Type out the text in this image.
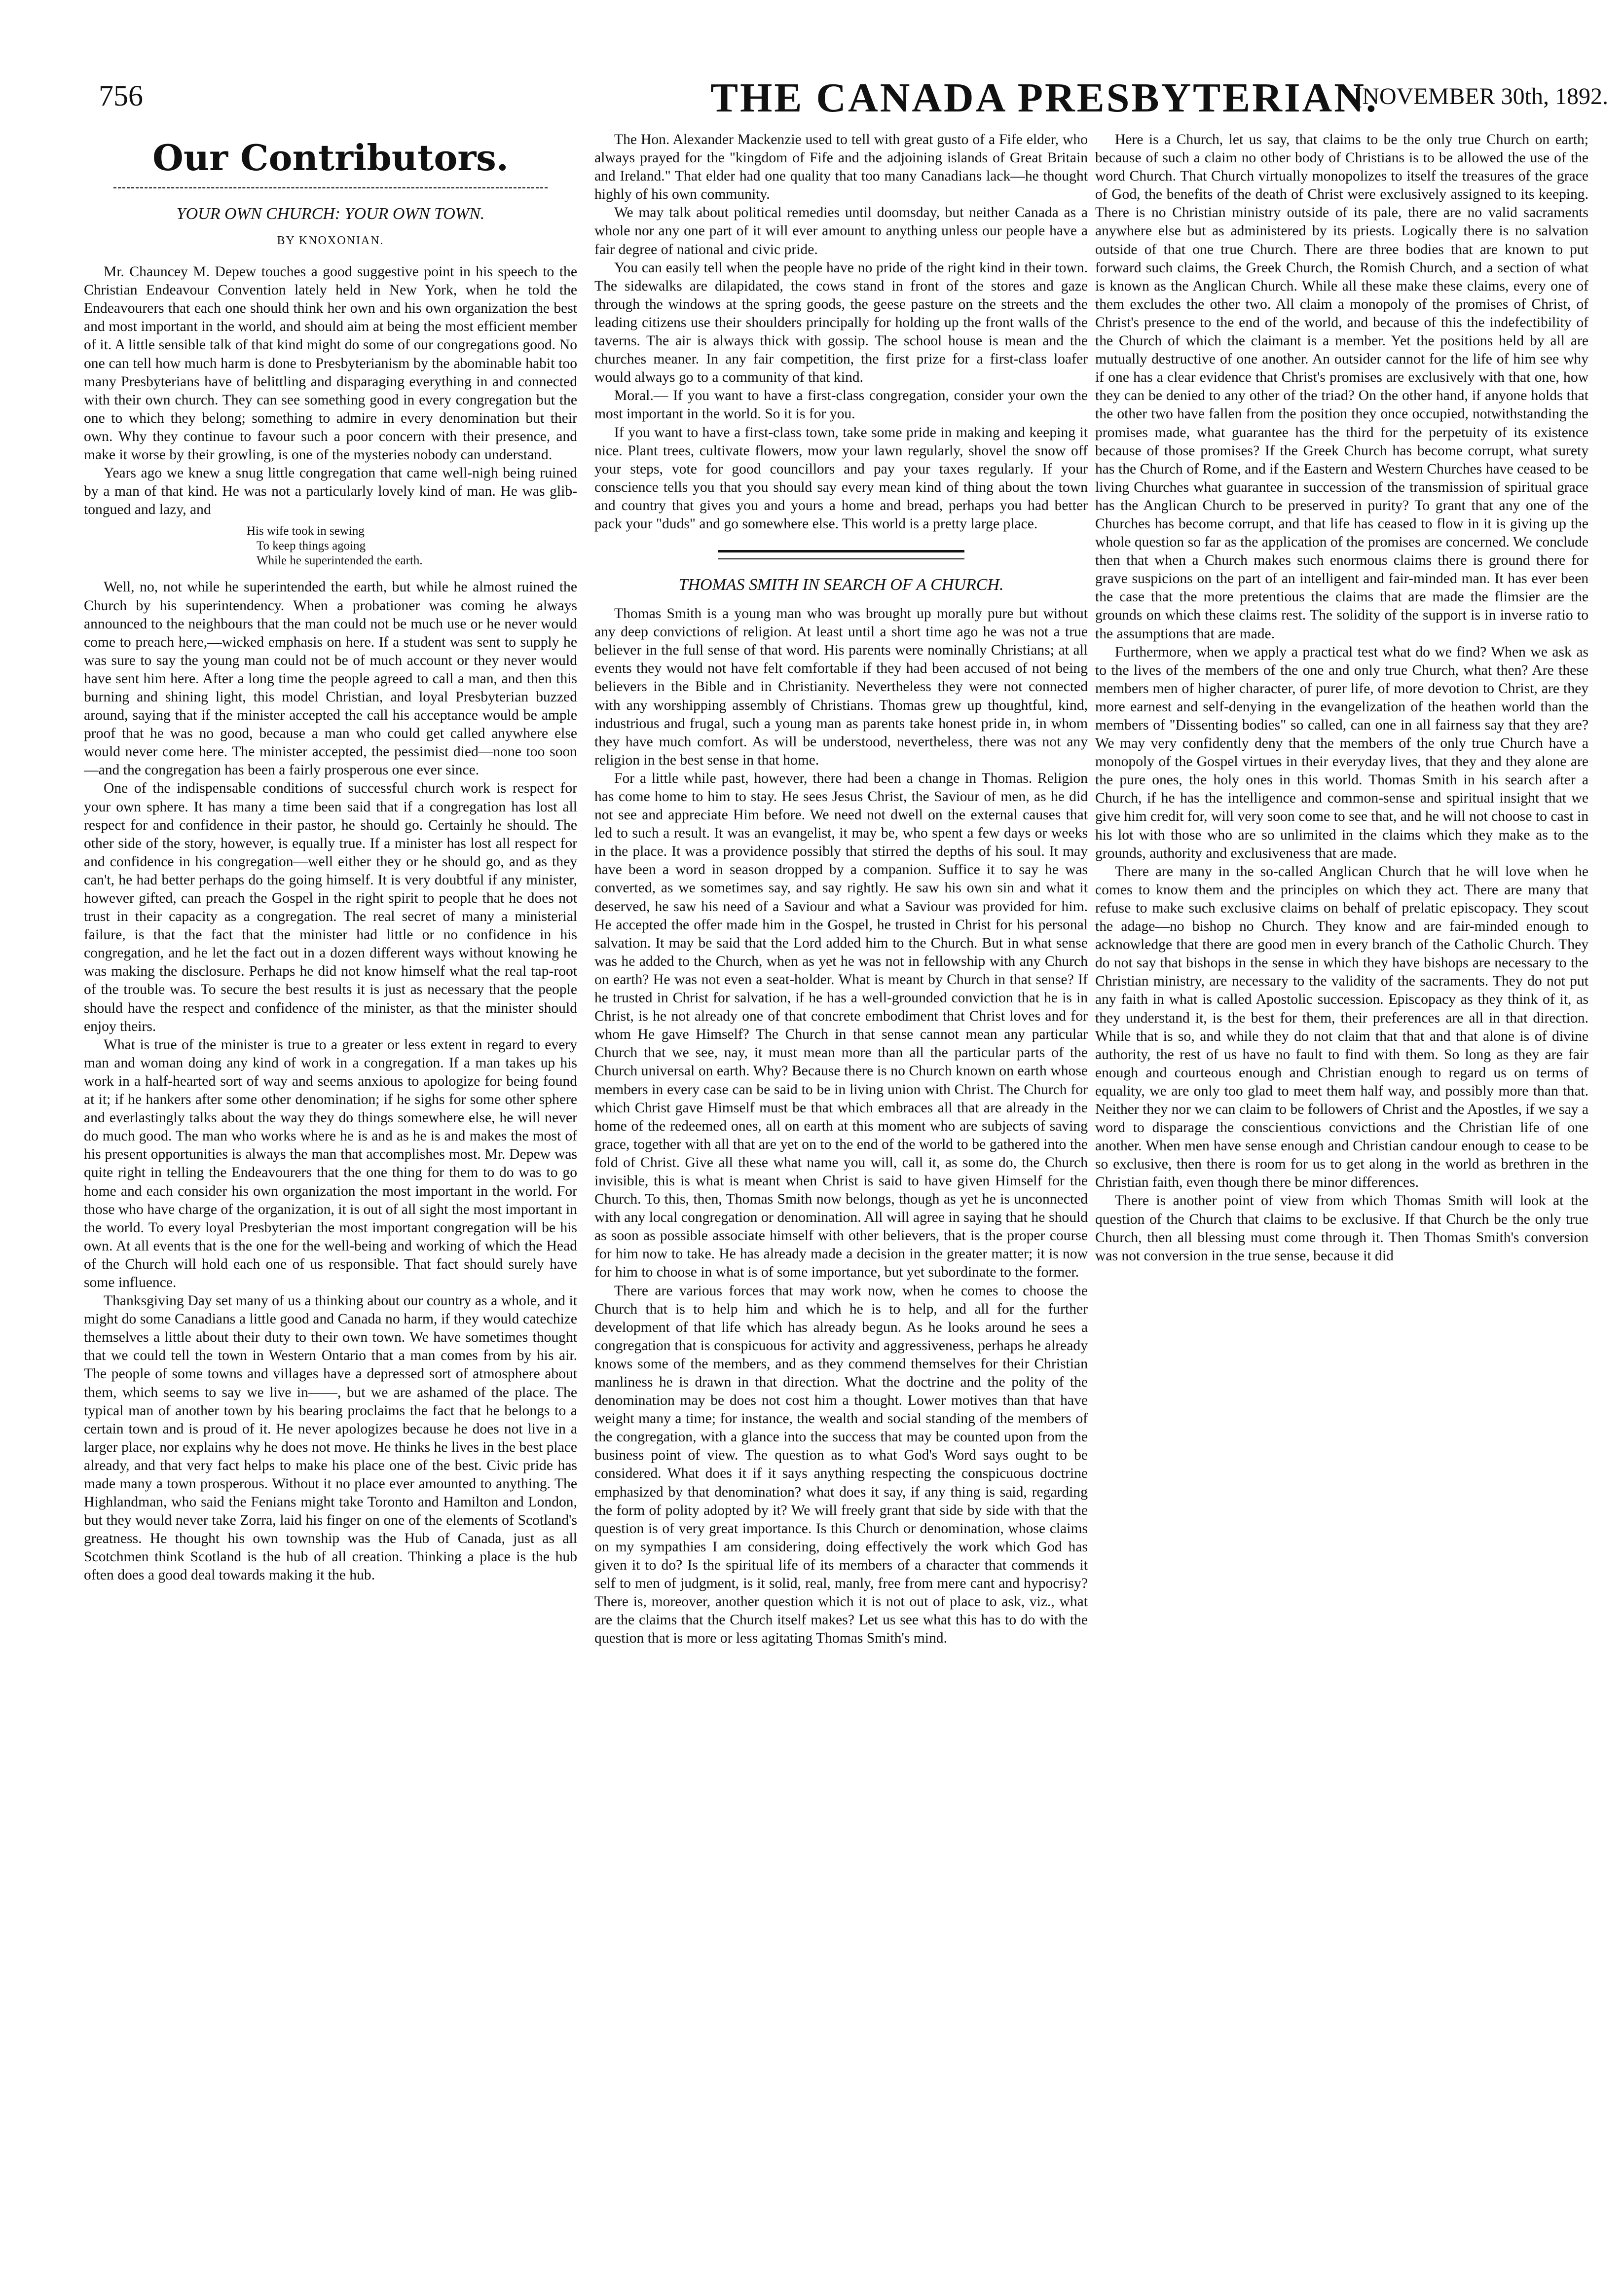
756	THE CANADA PRESBYTERIAN.
[NOVEMBER 30th, 1892.
Our Contributors.
YOUR OWN CHURCH: YOUR OWN TOWN.
BY KNOXONIAN.

Mr. Chauncey M. Depew touches a good suggestive point in his speech to the Christian Endeavour Convention lately held in New York, when he told the Endeavourers that each one should think her own and his own organization the best and most important in the world, and should aim at being the most efficient member of it. A little sensible talk of that kind might do some of our congregations good. No one can tell how much harm is done to Presbyterianism by the abominable habit too many Presbyterians have of belittling and disparaging everything in and connected with their own church. They can see something good in every congregation but the one to which they belong; something to admire in every denomination but their own. Why they continue to favour such a poor concern with their presence, and make it worse by their growling, is one of the mysteries nobody can understand.

Years ago we knew a snug little congregation that came well-nigh being ruined by a man of that kind. He was not a particularly lovely kind of man. He was glib-tongued and lazy, and

His wife took in sewing
To keep things agoing
While he superintended the earth.

Well, no, not while he superintended the earth, but while he almost ruined the Church by his superintendency. When a probationer was coming he always announced to the neighbours that the man could not be much use or he never would come to preach here,—wicked emphasis on here. If a student was sent to supply he was sure to say the young man could not be of much account or they never would have sent him here. After a long time the people agreed to call a man, and then this burning and shining light, this model Christian, and loyal Presbyterian buzzed around, saying that if the minister accepted the call his acceptance would be ample proof that he was no good, because a man who could get called anywhere else would never come here. The minister accepted, the pessimist died—none too soon—and the congregation has been a fairly prosperous one ever since.

One of the indispensable conditions of successful church work is respect for your own sphere. It has many a time been said that if a congregation has lost all respect for and confidence in their pastor, he should go. Certainly he should. The other side of the story, however, is equally true. If a minister has lost all respect for and confidence in his congregation—well either they or he should go, and as they can't, he had better perhaps do the going himself. It is very doubtful if any minister, however gifted, can preach the Gospel in the right spirit to people that he does not trust in their capacity as a congregation. The real secret of many a ministerial failure, is that the fact that the minister had little or no confidence in his congregation, and he let the fact out in a dozen different ways without knowing he was making the disclosure. Perhaps he did not know himself what the real tap-root of the trouble was. To secure the best results it is just as necessary that the people should have the respect and confidence of the minister, as that the minister should enjoy theirs.

What is true of the minister is true to a greater or less extent in regard to every man and woman doing any kind of work in a congregation. If a man takes up his work in a half-hearted sort of way and seems anxious to apologize for being found at it; if he hankers after some other denomination; if he sighs for some other sphere and everlastingly talks about the way they do things somewhere else, he will never do much good. The man who works where he is and as he is and makes the most of his present opportunities is always the man that accomplishes most. Mr. Depew was quite right in telling the Endeavourers that the one thing for them to do was to go home and each consider his own organization the most important in the world. For those who have charge of the organization, it is out of all sight the most important in the world. To every loyal Presbyterian the most important congregation will be his own. At all events that is the one for the well-being and working of which the Head of the Church will hold each one of us responsible. That fact should surely have some influence.

Thanksgiving Day set many of us a thinking about our country as a whole, and it might do some Canadians a little good and Canada no harm, if they would catechize themselves a little about their duty to their own town. We have sometimes thought that we could tell the town in Western Ontario that a man comes from by his air. The people of some towns and villages have a depressed sort of atmosphere about them, which seems to say we live in——, but we are ashamed of the place. The typical man of another town by his bearing proclaims the fact that he belongs to a certain town and is proud of it. He never apologizes because he does not live in a larger place, nor explains why he does not move. He thinks he lives in the best place already, and that very fact helps to make his place one of the best. Civic pride has made many a town prosperous. Without it no place ever amounted to anything. The Highlandman, who said the Fenians might take Toronto and Hamilton and London, but they would never take Zorra, laid his finger on one of the elements of Scotland's greatness. He thought his own township was the Hub of Canada, just as all Scotchmen think Scotland is the hub of all creation. Thinking a place is the hub often does a good deal towards making it the hub.

The Hon. Alexander Mackenzie used to tell with great gusto of a Fife elder, who always prayed for the "kingdom of Fife and the adjoining islands of Great Britain and Ireland." That elder had one quality that too many Canadians lack—he thought highly of his own community.

We may talk about political remedies until doomsday, but neither Canada as a whole nor any one part of it will ever amount to anything unless our people have a fair degree of national and civic pride.

You can easily tell when the people have no pride of the right kind in their town. The sidewalks are dilapidated, the cows stand in front of the stores and gaze through the windows at the spring goods, the geese pasture on the streets and the leading citizens use their shoulders principally for holding up the front walls of the taverns. The air is always thick with gossip. The school house is mean and the churches meaner. In any fair competition, the first prize for a first-class loafer would always go to a community of that kind.

Moral.— If you want to have a first-class congregation, consider your own the most important in the world. So it is for you.

If you want to have a first-class town, take some pride in making and keeping it nice. Plant trees, cultivate flowers, mow your lawn regularly, shovel the snow off your steps, vote for good councillors and pay your taxes regularly. If your conscience tells you that you should say every mean kind of thing about the town and country that gives you and yours a home and bread, perhaps you had better pack your "duds" and go somewhere else. This world is a pretty large place.

THOMAS SMITH IN SEARCH OF A CHURCH.

Thomas Smith is a young man who was brought up morally pure but without any deep convictions of religion. At least until a short time ago he was not a true believer in the full sense of that word. His parents were nominally Christians; at all events they would not have felt comfortable if they had been accused of not being believers in the Bible and in Christianity. Nevertheless they were not connected with any worshipping assembly of Christians. Thomas grew up thoughtful, kind, industrious and frugal, such a young man as parents take honest pride in, in whom they have much comfort. As will be understood, nevertheless, there was not any religion in the best sense in that home.

For a little while past, however, there had been a change in Thomas. Religion has come home to him to stay. He sees Jesus Christ, the Saviour of men, as he did not see and appreciate Him before. We need not dwell on the external causes that led to such a result. It was an evangelist, it may be, who spent a few days or weeks in the place. It was a providence possibly that stirred the depths of his soul. It may have been a word in season dropped by a companion. Suffice it to say he was converted, as we sometimes say, and say rightly. He saw his own sin and what it deserved, he saw his need of a Saviour and what a Saviour was provided for him. He accepted the offer made him in the Gospel, he trusted in Christ for his personal salvation. It may be said that the Lord added him to the Church. But in what sense was he added to the Church, when as yet he was not in fellowship with any Church on earth? He was not even a seat-holder. What is meant by Church in that sense? If he trusted in Christ for salvation, if he has a well-grounded conviction that he is in Christ, is he not already one of that concrete embodiment that Christ loves and for whom He gave Himself? The Church in that sense cannot mean any particular Church that we see, nay, it must mean more than all the particular parts of the Church universal on earth. Why? Because there is no Church known on earth whose members in every case can be said to be in living union with Christ. The Church for which Christ gave Himself must be that which embraces all that are already in the home of the redeemed ones, all on earth at this moment who are subjects of saving grace, together with all that are yet on to the end of the world to be gathered into the fold of Christ. Give all these what name you will, call it, as some do, the Church invisible, this is what is meant when Christ is said to have given Himself for the Church. To this, then, Thomas Smith now belongs, though as yet he is unconnected with any local congregation or denomination. All will agree in saying that he should as soon as possible associate himself with other believers, that is the proper course for him now to take. He has already made a decision in the greater matter; it is now for him to choose in what is of some importance, but yet subordinate to the former.

There are various forces that may work now, when he comes to choose the Church that is to help him and which he is to help, and all for the further development of that life which has already begun. As he looks around he sees a congregation that is conspicuous for activity and aggressiveness, perhaps he already knows some of the members, and as they commend themselves for their Christian manliness he is drawn in that direction. What the doctrine and the polity of the denomination may be does not cost him a thought. Lower motives than that have weight many a time; for instance, the wealth and social standing of the members of the congregation, with a glance into the success that may be counted upon from the business point of view. The question as to what God's Word says ought to be considered. What does it if it says anything respecting the conspicuous doctrine emphasized by that denomination? what does it say, if any thing is said, regarding the form of polity adopted by it? We will freely grant that side by side with that the question is of very great importance. Is this Church or denomination, whose claims on my sympathies I am considering, doing effectively the work which God has given it to do? Is the spiritual life of its members of a character that commends it self to men of judgment, is it solid, real, manly, free from mere cant and hypocrisy? There is, moreover, another question which it is not out of place to ask, viz., what are the claims that the Church itself makes? Let us see what this has to do with the question that is more or less agitating Thomas Smith's mind.

Here is a Church, let us say, that claims to be the only true Church on earth; because of such a claim no other body of Christians is to be allowed the use of the word Church. That Church virtually monopolizes to itself the treasures of the grace of God, the benefits of the death of Christ were exclusively assigned to its keeping. There is no Christian ministry outside of its pale, there are no valid sacraments anywhere else but as administered by its priests. Logically there is no salvation outside of that one true Church. There are three bodies that are known to put forward such claims, the Greek Church, the Romish Church, and a section of what is known as the Anglican Church. While all these make these claims, every one of them excludes the other two. All claim a monopoly of the promises of Christ, of Christ's presence to the end of the world, and because of this the indefectibility of the Church of which the claimant is a member. Yet the positions held by all are mutually destructive of one another. An outsider cannot for the life of him see why if one has a clear evidence that Christ's promises are exclusively with that one, how they can be denied to any other of the triad? On the other hand, if anyone holds that the other two have fallen from the position they once occupied, notwithstanding the promises made, what guarantee has the third for the perpetuity of its existence because of those promises? If the Greek Church has become corrupt, what surety has the Church of Rome, and if the Eastern and Western Churches have ceased to be living Churches what guarantee in succession of the transmission of spiritual grace has the Anglican Church to be preserved in purity? To grant that any one of the Churches has become corrupt, and that life has ceased to flow in it is giving up the whole question so far as the application of the promises are concerned. We conclude then that when a Church makes such enormous claims there is ground there for grave suspicions on the part of an intelligent and fair-minded man. It has ever been the case that the more pretentious the claims that are made the flimsier are the grounds on which these claims rest. The solidity of the support is in inverse ratio to the assumptions that are made.

Furthermore, when we apply a practical test what do we find? When we ask as to the lives of the members of the one and only true Church, what then? Are these members men of higher character, of purer life, of more devotion to Christ, are they more earnest and self-denying in the evangelization of the heathen world than the members of "Dissenting bodies" so called, can one in all fairness say that they are? We may very confidently deny that the members of the only true Church have a monopoly of the Gospel virtues in their everyday lives, that they and they alone are the pure ones, the holy ones in this world. Thomas Smith in his search after a Church, if he has the intelligence and common-sense and spiritual insight that we give him credit for, will very soon come to see that, and he will not choose to cast in his lot with those who are so unlimited in the claims which they make as to the grounds, authority and exclusiveness that are made.

There are many in the so-called Anglican Church that he will love when he comes to know them and the principles on which they act. There are many that refuse to make such exclusive claims on behalf of prelatic episcopacy. They scout the adage—no bishop no Church. They know and are fair-minded enough to acknowledge that there are good men in every branch of the Catholic Church. They do not say that bishops in the sense in which they have bishops are necessary to the Christian ministry, are necessary to the validity of the sacraments. They do not put any faith in what is called Apostolic succession. Episcopacy as they think of it, as they understand it, is the best for them, their preferences are all in that direction. While that is so, and while they do not claim that that and that alone is of divine authority, the rest of us have no fault to find with them. So long as they are fair enough and courteous enough and Christian enough to regard us on terms of equality, we are only too glad to meet them half way, and possibly more than that. Neither they nor we can claim to be followers of Christ and the Apostles, if we say a word to disparage the conscientious convictions and the Christian life of one another. When men have sense enough and Christian candour enough to cease to be so exclusive, then there is room for us to get along in the world as brethren in the Christian faith, even though there be minor differences.

There is another point of view from which Thomas Smith will look at the question of the Church that claims to be exclusive. If that Church be the only true Church, then all blessing must come through it. Then Thomas Smith's conversion was not conversion in the true sense, because it did
